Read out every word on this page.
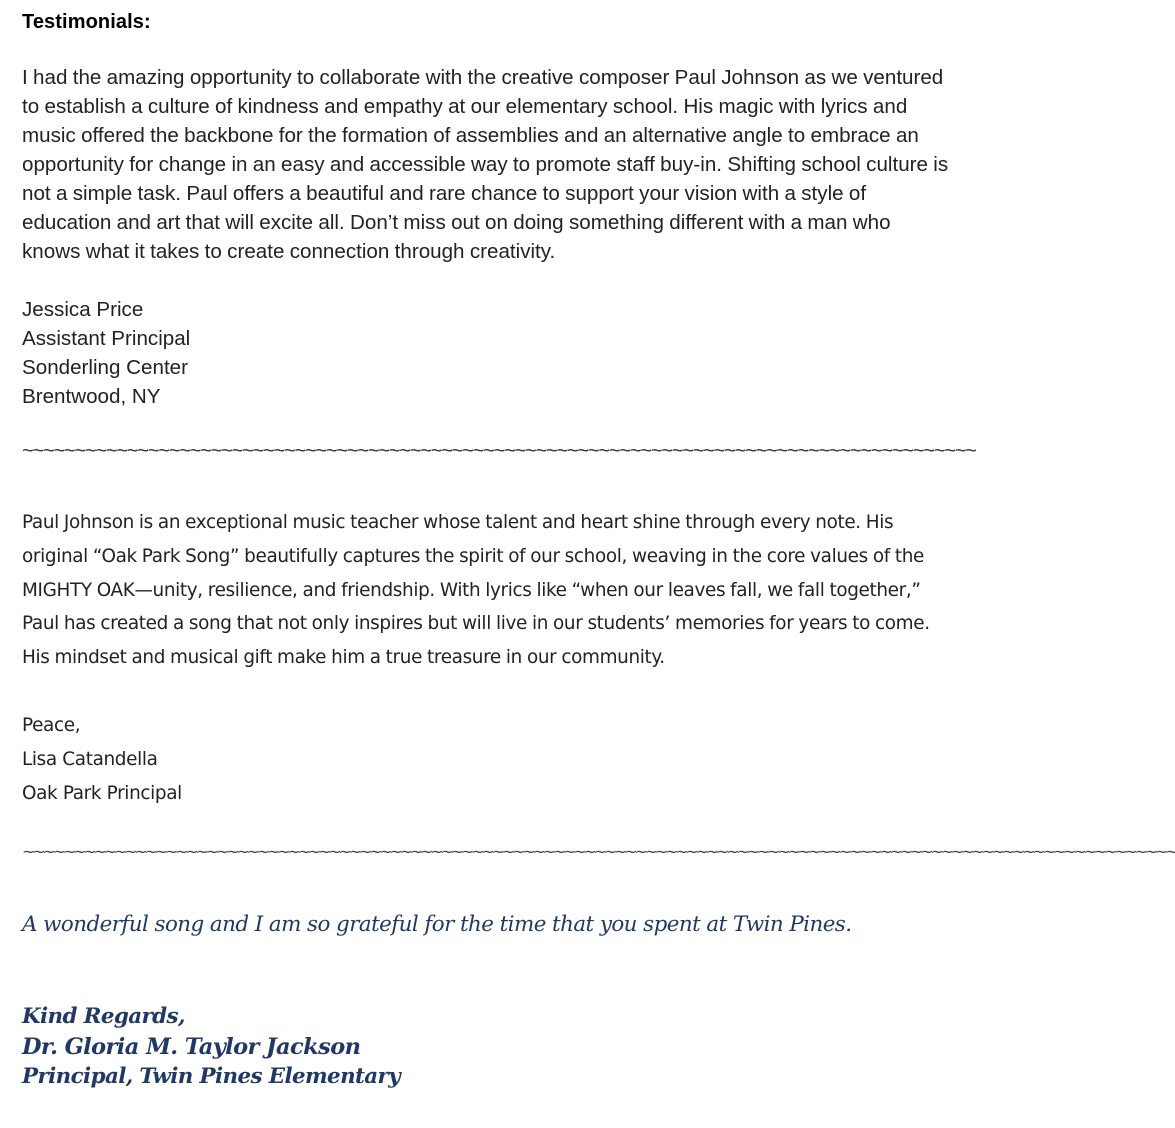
Testimonials:

I had the amazing opportunity to collaborate with the creative composer Paul Johnson as we ventured to establish a culture of kindness and empathy at our elementary school. His magic with lyrics and music offered the backbone for the formation of assemblies and an alternative angle to embrace an opportunity for change in an easy and accessible way to promote staff buy-in. Shifting school culture is not a simple task. Paul offers a beautiful and rare chance to support your vision with a style of education and art that will excite all. Don’t miss out on doing something different with a man who knows what it takes to create connection through creativity.

Jessica Price
Assistant Principal
Sonderling Center
Brentwood, NY
~~~~~~~~~~~~~~~~~~~~~~~~~~~~~~~~~~~~~~~~~~~~~~~~~~~~~~~~~~~~~~~~~~~~~~~~~~~~~~~~~~~~~~~~~~~

Paul Johnson is an exceptional music teacher whose talent and heart shine through every note. His original “Oak Park Song” beautifully captures the spirit of our school, weaving in the core values of the MIGHTY OAK—unity, resilience, and friendship. With lyrics like “when our leaves fall, we fall together,” Paul has created a song that not only inspires but will live in our students’ memories for years to come. His mindset and musical gift make him a true treasure in our community.

Peace,
Lisa Catandella
Oak Park Principal
~~~~~~~~~~~~~~~~~~~~~~~~~~~~~~~~~~~~~~~~~~~~~~~~~~~~~~~~~~~~~~~~~~~~~~~~~~~~~~~~~~~~~~~~~~~~~~~~~~~~~~~~~~~~~~~~~

A wonderful song and I am so grateful for the time that you spent at Twin Pines.

Kind Regards,
Dr. Gloria M. Taylor Jackson
Principal, Twin Pines Elementary
